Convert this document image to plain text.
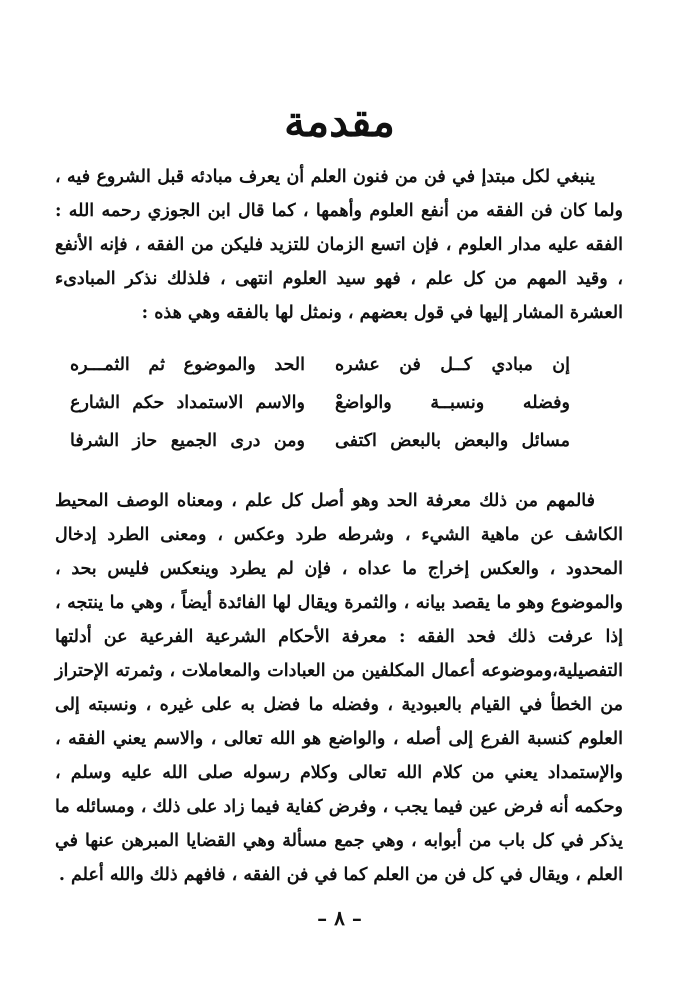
مقدمة

ينبغي لكل مبتدإ في فن من فنون العلم أن يعرف مبادئه قبل الشروع فيه ، ولما كان فن الفقه من أنفع العلوم وأهمها ، كما قال ابن الجوزي رحمه الله : الفقه عليه مدار العلوم ، فإن اتسع الزمان للتزيد فليكن من الفقه ، فإنه الأنفع ، وقيد المهم من كل علم ، فهو سيد العلوم انتهى ، فلذلك نذكر المبادىء العشرة المشار إليها في قول بعضهم ، ونمثل لها بالفقه وهي هذه :

إن مبادي كــل فن عشره
الحد والموضوع ثم الثمـــره
وفضله ونسبــة والواضعْ
والاسم الاستمداد حكم الشارع
مسائل والبعض بالبعض اكتفى
ومن درى الجميع حاز الشرفا

فالمهم من ذلك معرفة الحد وهو أصل كل علم ، ومعناه الوصف المحيط الكاشف عن ماهية الشيء ، وشرطه طرد وعكس ، ومعنى الطرد إدخال المحدود ، والعكس إخراج ما عداه ، فإن لم يطرد وينعكس فليس بحد ، والموضوع وهو ما يقصد بيانه ، والثمرة ويقال لها الفائدة أيضاً ، وهي ما ينتجه ، إذا عرفت ذلك فحد الفقه : معرفة الأحكام الشرعية الفرعية عن أدلتها التفصيلية،وموضوعه أعمال المكلفين من العبادات والمعاملات ، وثمرته الإحتراز من الخطأ في القيام بالعبودية ، وفضله ما فضل به على غيره ، ونسبته إلى العلوم كنسبة الفرع إلى أصله ، والواضع هو الله تعالى ، والاسم يعني الفقه ، والإستمداد يعني من كلام الله تعالى وكلام رسوله صلى الله عليه وسلم ، وحكمه أنه فرض عين فيما يجب ، وفرض كفاية فيما زاد على ذلك ، ومسائله ما يذكر في كل باب من أبوابه ، وهي جمع مسألة وهي القضايا المبرهن عنها في العلم ، ويقال في كل فن من العلم كما في فن الفقه ، فافهم ذلك والله أعلم .

– ٨ –
